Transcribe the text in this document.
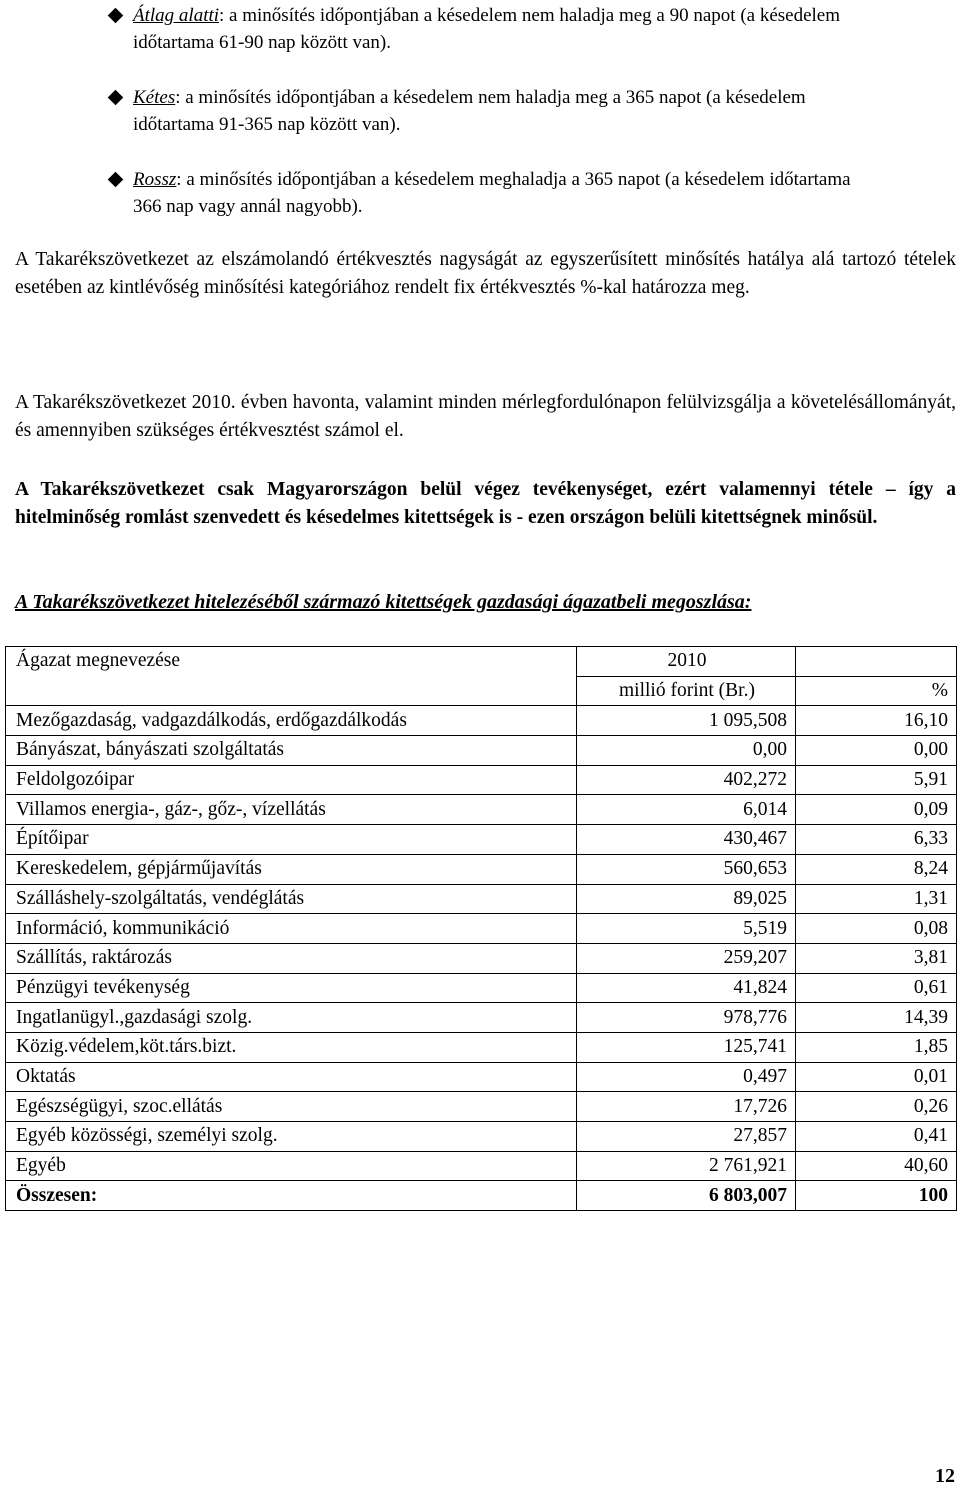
Átlag alatti: a minősítés időpontjában a késedelem nem haladja meg a 90 napot (a késedelem időtartama 61-90 nap között van).
Kétes: a minősítés időpontjában a késedelem nem haladja meg a 365 napot (a késedelem időtartama 91-365 nap között van).
Rossz: a minősítés időpontjában a késedelem meghaladja a 365 napot (a késedelem időtartama 366 nap vagy annál nagyobb).
A Takarékszövetkezet az elszámolandó értékvesztés nagyságát az egyszerűsített minősítés hatálya alá tartozó tételek esetében az kintlévőség minősítési kategóriához rendelt fix értékvesztés %-kal határozza meg.
A Takarékszövetkezet 2010. évben havonta, valamint minden mérlegfordulónapon felülvizsgálja a követelésállományát, és amennyiben szükséges értékvesztést számol el.
A Takarékszövetkezet csak Magyarországon belül végez tevékenységet, ezért valamennyi tétele – így a hitelminőség romlást szenvedett és késedelmes kitettségek is - ezen országon belüli kitettségnek minősül.
A Takarékszövetkezet hitelezéséből származó kitettségek gazdasági ágazatbeli megoszlása:
Ágazat megnevezése	2010	
	millió forint (Br.)	%
Mezőgazdaság, vadgazdálkodás, erdőgazdálkodás	1 095,508	16,10
Bányászat, bányászati szolgáltatás	0,00	0,00
Feldolgozóipar	402,272	5,91
Villamos energia-, gáz-, gőz-, vízellátás	6,014	0,09
Építőipar	430,467	6,33
Kereskedelem, gépjárműjavítás	560,653	8,24
Szálláshely-szolgáltatás, vendéglátás	89,025	1,31
Információ, kommunikáció	5,519	0,08
Szállítás, raktározás	259,207	3,81
Pénzügyi tevékenység	41,824	0,61
Ingatlanügyl.,gazdasági szolg.	978,776	14,39
Közig.védelem,köt.társ.bizt.	125,741	1,85
Oktatás	0,497	0,01
Egészségügyi, szoc.ellátás	17,726	0,26
Egyéb közösségi, személyi szolg.	27,857	0,41
Egyéb	2 761,921	40,60
Összesen:	6 803,007	100
12
